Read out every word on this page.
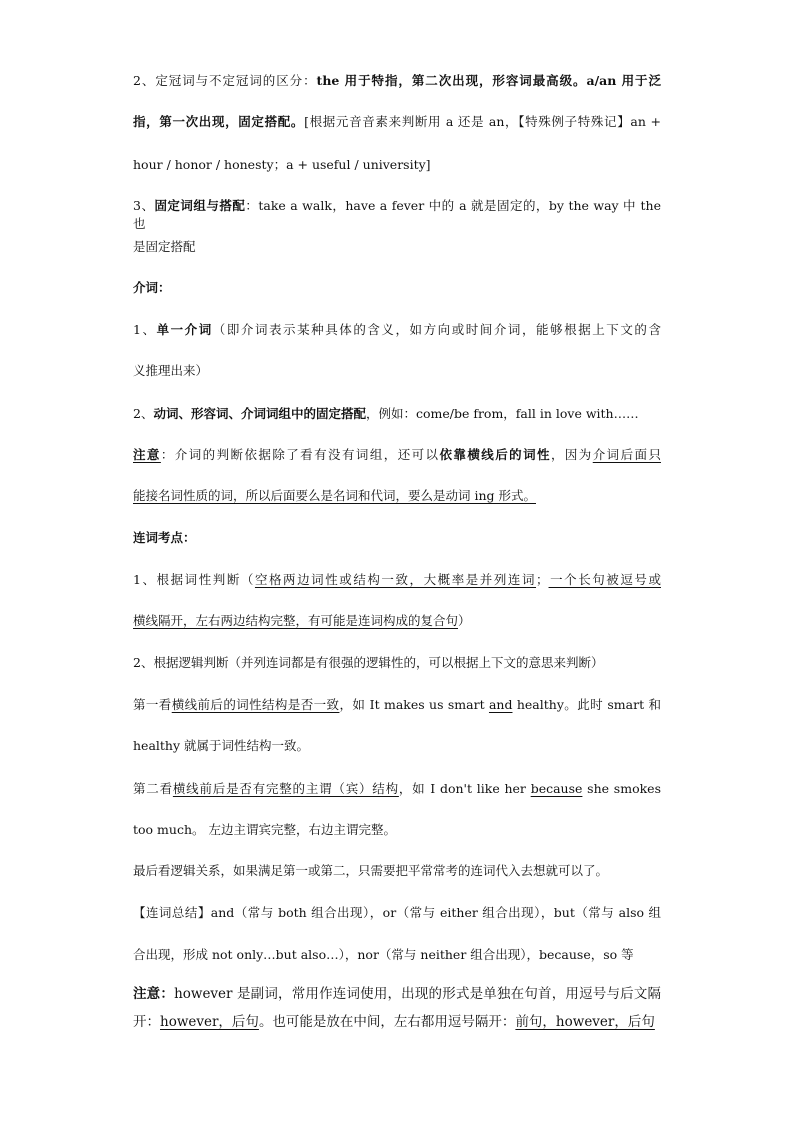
2、定冠词与不定冠词的区分：the 用于特指，第二次出现，形容词最高级。a/an 用于泛
指，第一次出现，固定搭配。[根据元音音素来判断用 a 还是 an，【特殊例子特殊记】an +
hour / honor / honesty；a + useful / university]
3、固定词组与搭配：take a walk，have a fever 中的 a 就是固定的，by the way 中 the 也
是固定搭配
介词：
1、单一介词（即介词表示某种具体的含义，如方向或时间介词，能够根据上下文的含
义推理出来）
2、动词、形容词、介词词组中的固定搭配，例如：come/be from，fall in love with……
注意：介词的判断依据除了看有没有词组，还可以依靠横线后的词性，因为介词后面只
能接名词性质的词，所以后面要么是名词和代词，要么是动词 ing 形式。
连词考点：
1、根据词性判断（空格两边词性或结构一致，大概率是并列连词；一个长句被逗号或
横线隔开，左右两边结构完整，有可能是连词构成的复合句）
2、根据逻辑判断（并列连词都是有很强的逻辑性的，可以根据上下文的意思来判断）
第一看横线前后的词性结构是否一致，如 It makes us smart and healthy。此时 smart 和
healthy 就属于词性结构一致。
第二看横线前后是否有完整的主谓（宾）结构，如 I don't like her because she smokes
too much。 左边主谓宾完整，右边主谓完整。
最后看逻辑关系，如果满足第一或第二，只需要把平常常考的连词代入去想就可以了。
【连词总结】and（常与 both 组合出现），or（常与 either 组合出现），but（常与 also 组
合出现，形成 not only…but also…），nor（常与 neither 组合出现），because，so 等
注意：however 是副词，常用作连词使用，出现的形式是单独在句首，用逗号与后文隔
开：however，后句。也可能是放在中间，左右都用逗号隔开：前句，however，后句
